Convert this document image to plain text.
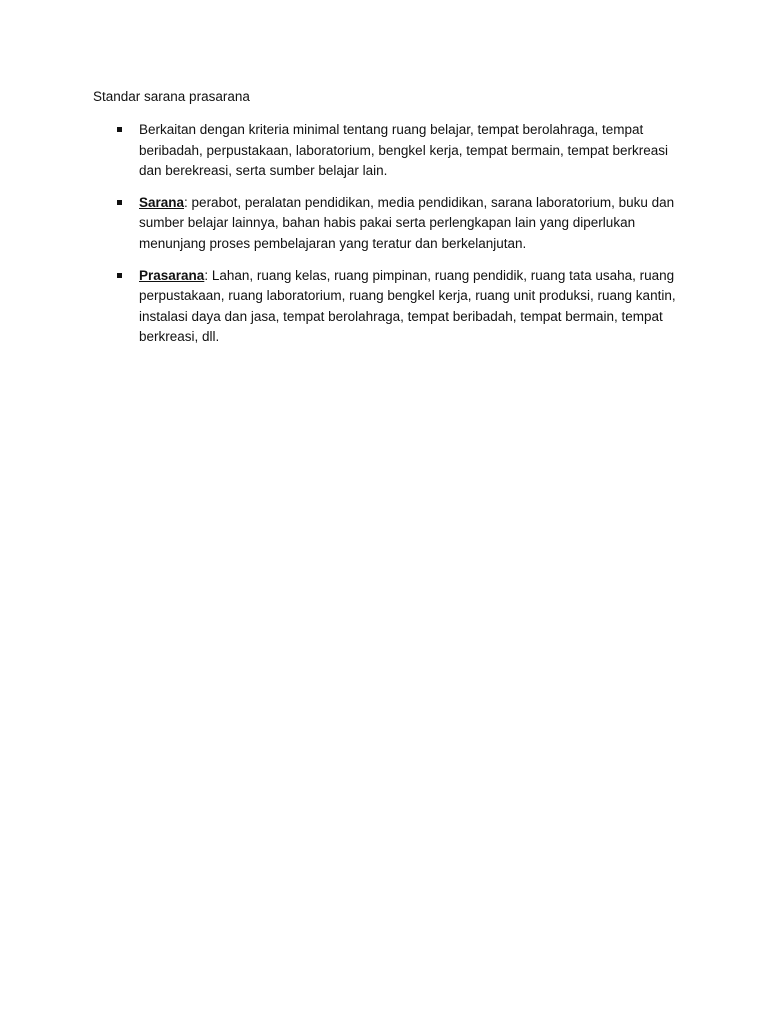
Standar sarana prasarana
Berkaitan dengan kriteria minimal tentang ruang belajar, tempat berolahraga, tempat beribadah, perpustakaan, laboratorium, bengkel kerja, tempat bermain, tempat berkreasi dan berekreasi, serta sumber belajar lain.
Sarana: perabot, peralatan pendidikan, media pendidikan, sarana laboratorium, buku dan sumber belajar lainnya, bahan habis pakai serta perlengkapan lain yang diperlukan menunjang proses pembelajaran yang teratur dan berkelanjutan.
Prasarana: Lahan, ruang kelas, ruang pimpinan, ruang pendidik, ruang tata usaha, ruang perpustakaan, ruang laboratorium, ruang bengkel kerja, ruang unit produksi, ruang kantin, instalasi daya dan jasa, tempat berolahraga, tempat beribadah, tempat bermain, tempat berkreasi, dll.
